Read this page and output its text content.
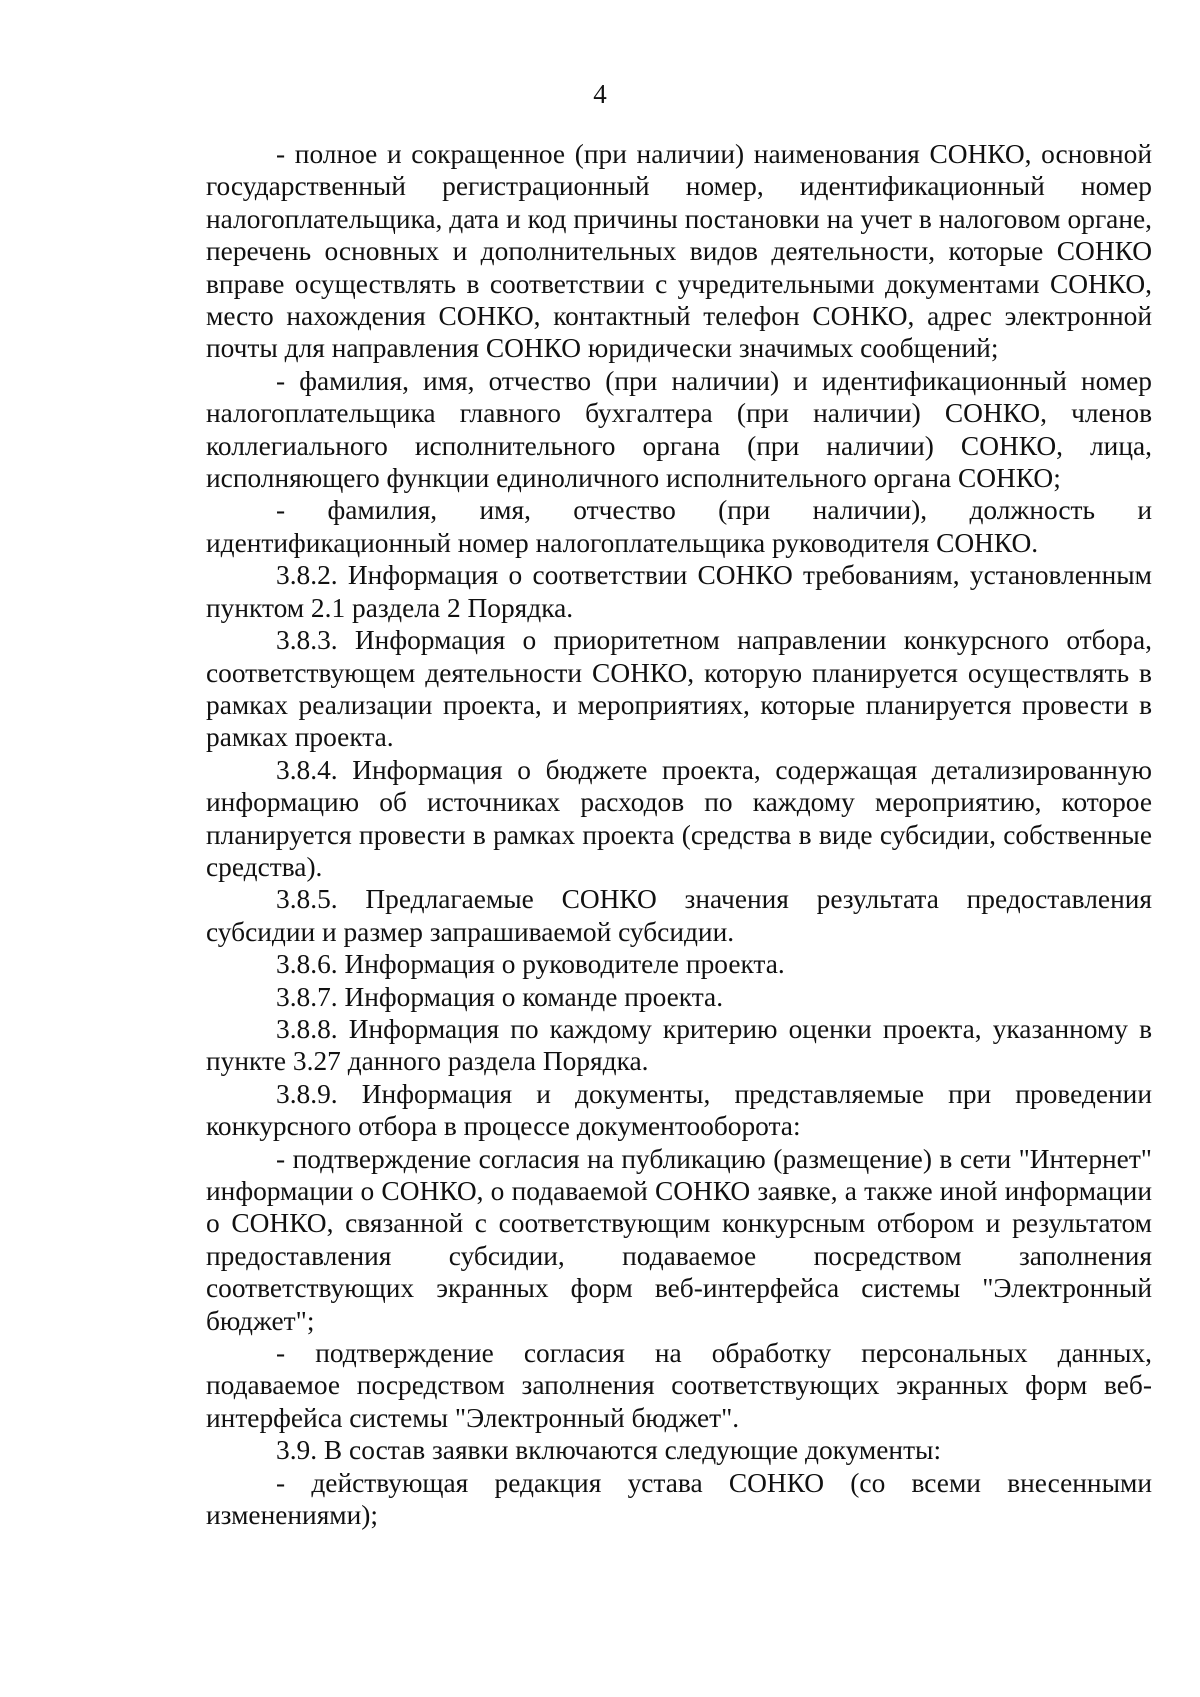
4

- полное и сокращенное (при наличии) наименования СОНКО, основной государственный регистрационный номер, идентификационный номер налогоплательщика, дата и код причины постановки на учет в налоговом органе, перечень основных и дополнительных видов деятельности, которые СОНКО вправе осуществлять в соответствии с учредительными документами СОНКО, место нахождения СОНКО, контактный телефон СОНКО, адрес электронной почты для направления СОНКО юридически значимых сообщений;

- фамилия, имя, отчество (при наличии) и идентификационный номер налогоплательщика главного бухгалтера (при наличии) СОНКО, членов коллегиального исполнительного органа (при наличии) СОНКО, лица, исполняющего функции единоличного исполнительного органа СОНКО;

- фамилия, имя, отчество (при наличии), должность и идентификационный номер налогоплательщика руководителя СОНКО.

3.8.2. Информация о соответствии СОНКО требованиям, установленным пунктом 2.1 раздела 2 Порядка.

3.8.3. Информация о приоритетном направлении конкурсного отбора, соответствующем деятельности СОНКО, которую планируется осуществлять в рамках реализации проекта, и мероприятиях, которые планируется провести в рамках проекта.

3.8.4. Информация о бюджете проекта, содержащая детализированную информацию об источниках расходов по каждому мероприятию, которое планируется провести в рамках проекта (средства в виде субсидии, собственные средства).

3.8.5. Предлагаемые СОНКО значения результата предоставления субсидии и размер запрашиваемой субсидии.

3.8.6. Информация о руководителе проекта.

3.8.7. Информация о команде проекта.

3.8.8. Информация по каждому критерию оценки проекта, указанному в пункте 3.27 данного раздела Порядка.

3.8.9. Информация и документы, представляемые при проведении конкурсного отбора в процессе документооборота:

- подтверждение согласия на публикацию (размещение) в сети "Интернет" информации о СОНКО, о подаваемой СОНКО заявке, а также иной информации о СОНКО, связанной с соответствующим конкурсным отбором и результатом предоставления субсидии, подаваемое посредством заполнения соответствующих экранных форм веб-интерфейса системы "Электронный бюджет";

- подтверждение согласия на обработку персональных данных, подаваемое посредством заполнения соответствующих экранных форм веб-интерфейса системы "Электронный бюджет".

3.9. В состав заявки включаются следующие документы:

- действующая редакция устава СОНКО (со всеми внесенными изменениями);
